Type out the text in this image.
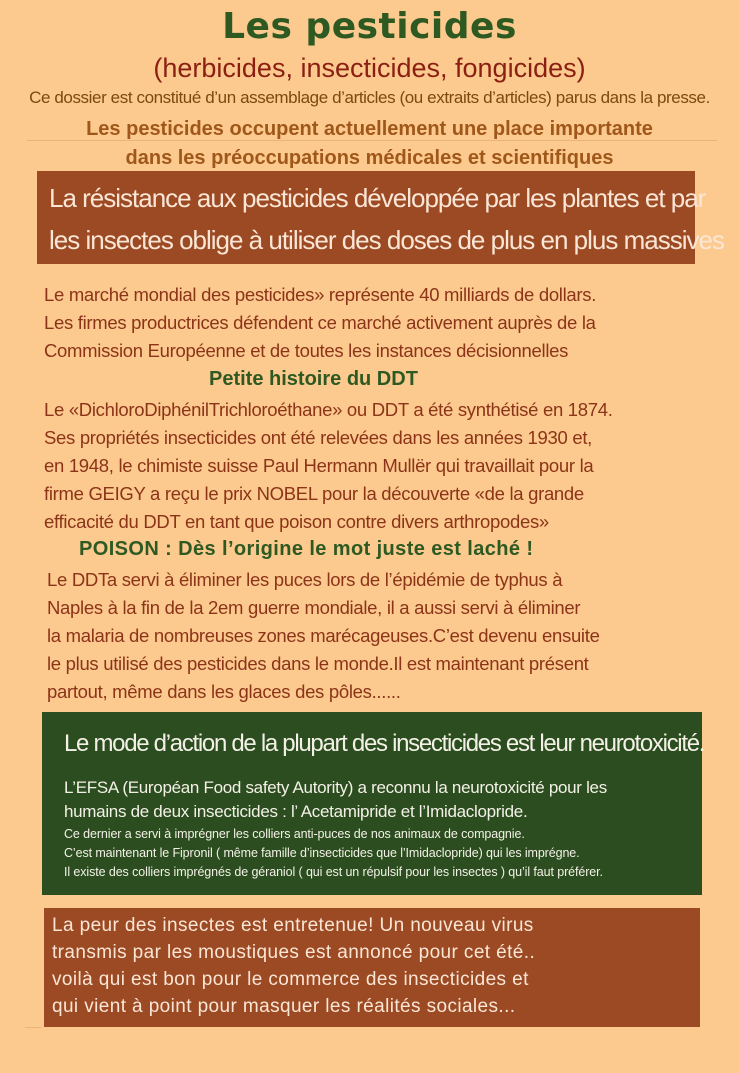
Les pesticides
(herbicides, insecticides, fongicides)
Ce dossier est constitué d’un assemblage d’articles (ou extraits d’articles) parus dans la presse.
Les pesticides occupent actuellement une place importante
dans les préoccupations médicales et scientifiques
La résistance aux pesticides développée par les plantes et par
les insectes oblige à utiliser des doses de plus en plus massives
Le marché mondial des pesticides» représente 40 milliards de dollars.
Les firmes productrices défendent ce marché activement auprès de la
Commission Européenne et de toutes les instances décisionnelles
Petite histoire du DDT
Le «DichloroDiphénilTrichloroéthane» ou DDT a été synthétisé en 1874.
Ses propriétés insecticides ont été relevées dans les années 1930 et,
en 1948, le chimiste suisse Paul Hermann Mullër qui travaillait pour la
firme GEIGY a reçu le prix NOBEL pour la découverte «de la grande
efficacité du DDT en tant que poison contre divers arthropodes»
POISON : Dès l’origine le mot juste est laché !
Le DDTa servi à éliminer les puces lors de l’épidémie de typhus à
Naples à la fin de la 2em guerre mondiale, il a aussi servi à éliminer
la malaria de nombreuses zones marécageuses.C’est devenu ensuite
le plus utilisé des pesticides dans le monde.Il est maintenant présent
partout, même dans les glaces des pôles......
Le mode d’action de la plupart des insecticides est leur neurotoxicité.
L’EFSA (Européan Food safety Autority) a reconnu la neurotoxicité pour les
humains de deux insecticides : l’ Acetamipride et l’Imidaclopride.
Ce dernier a servi à imprégner les colliers anti-puces de nos animaux de compagnie.
C’est maintenant le Fipronil ( même famille d’insecticides que l’Imidaclopride) qui les imprégne.
Il existe des colliers imprégnés de géraniol ( qui est un répulsif pour les insectes ) qu’il faut préférer.
La peur des insectes est entretenue! Un nouveau virus
transmis par les moustiques est annoncé pour cet été..
voilà qui est bon pour le commerce des insecticides et
qui vient à point pour masquer les réalités sociales...
